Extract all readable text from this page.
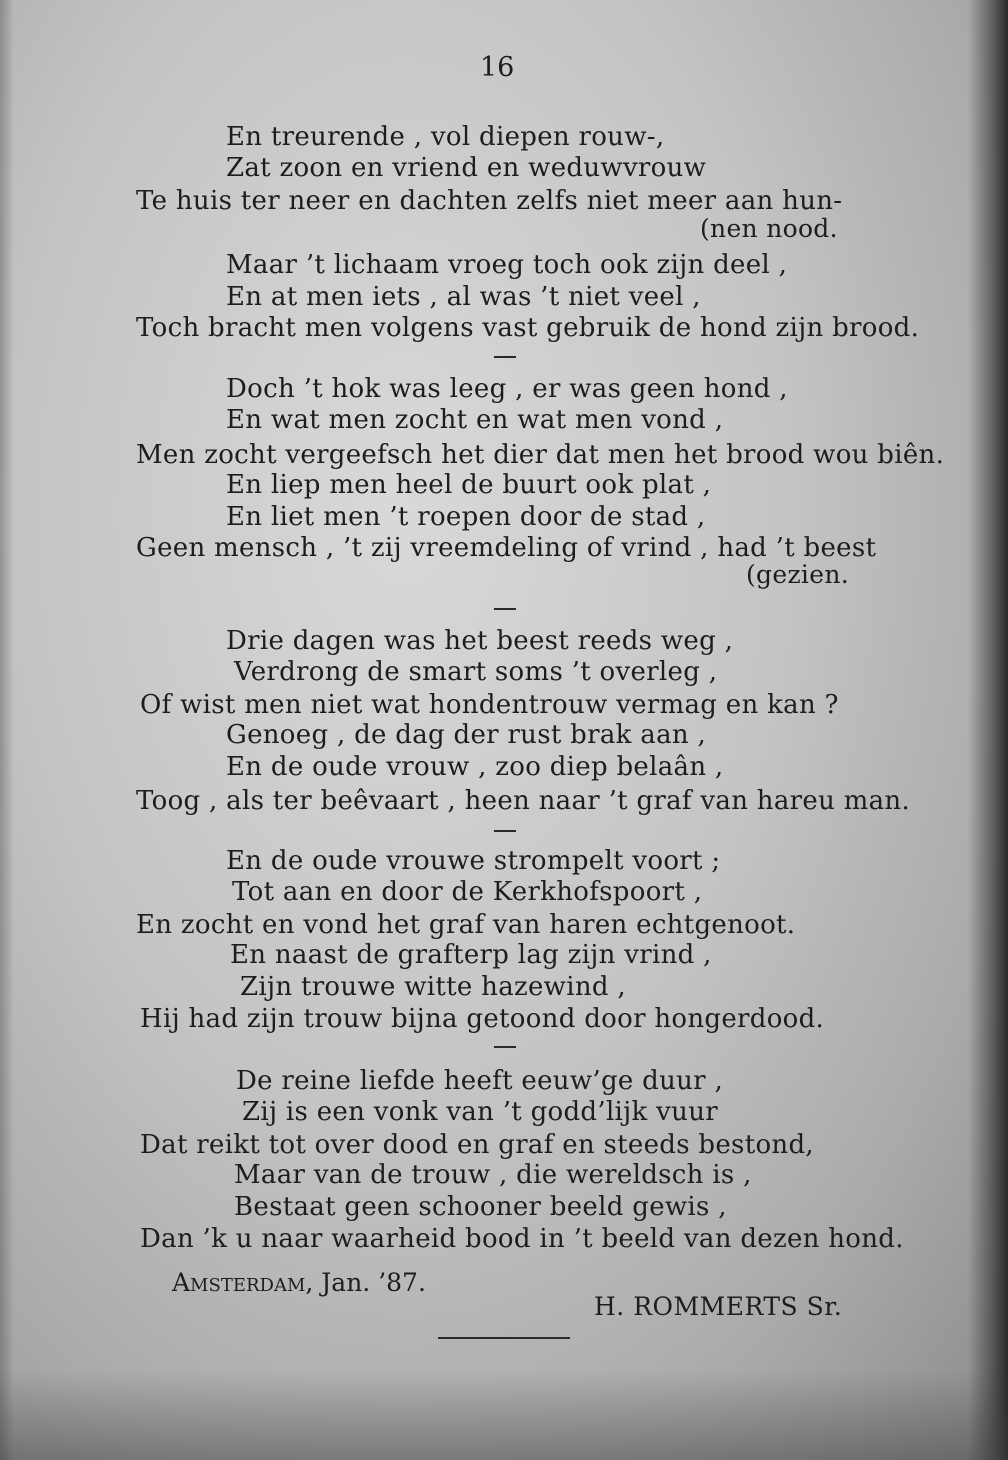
16
En treurende , vol diepen rouw-,
Zat zoon en vriend en weduwvrouw
Te huis ter neer en dachten zelfs niet meer aan hun-
(nen nood.
Maar ’t lichaam vroeg toch ook zijn deel ,
En at men iets , al was ’t niet veel ,
Toch bracht men volgens vast gebruik de hond zijn brood.
Doch ’t hok was leeg , er was geen hond ,
En wat men zocht en wat men vond ,
Men zocht vergeefsch het dier dat men het brood wou biên.
En liep men heel de buurt ook plat ,
En liet men ’t roepen door de stad ,
Geen mensch , ’t zij vreemdeling of vrind , had ’t beest
(gezien.
Drie dagen was het beest reeds weg ,
Verdrong de smart soms ’t overleg ,
Of wist men niet wat hondentrouw vermag en kan ?
Genoeg , de dag der rust brak aan ,
En de oude vrouw , zoo diep belaân ,
Toog , als ter beêvaart , heen naar ’t graf van hareu man.
En de oude vrouwe strompelt voort ;
Tot aan en door de Kerkhofspoort ,
En zocht en vond het graf van haren echtgenoot.
En naast de grafterp lag zijn vrind ,
Zijn trouwe witte hazewind ,
Hij had zijn trouw bijna getoond door hongerdood.
De reine liefde heeft eeuw’ge duur ,
Zij is een vonk van ’t godd’lijk vuur
Dat reikt tot over dood en graf en steeds bestond,
Maar van de trouw , die wereldsch is ,
Bestaat geen schooner beeld gewis ,
Dan ’k u naar waarheid bood in ’t beeld van dezen hond.
Amsterdam, Jan. ’87.
H. ROMMERTS Sr.
